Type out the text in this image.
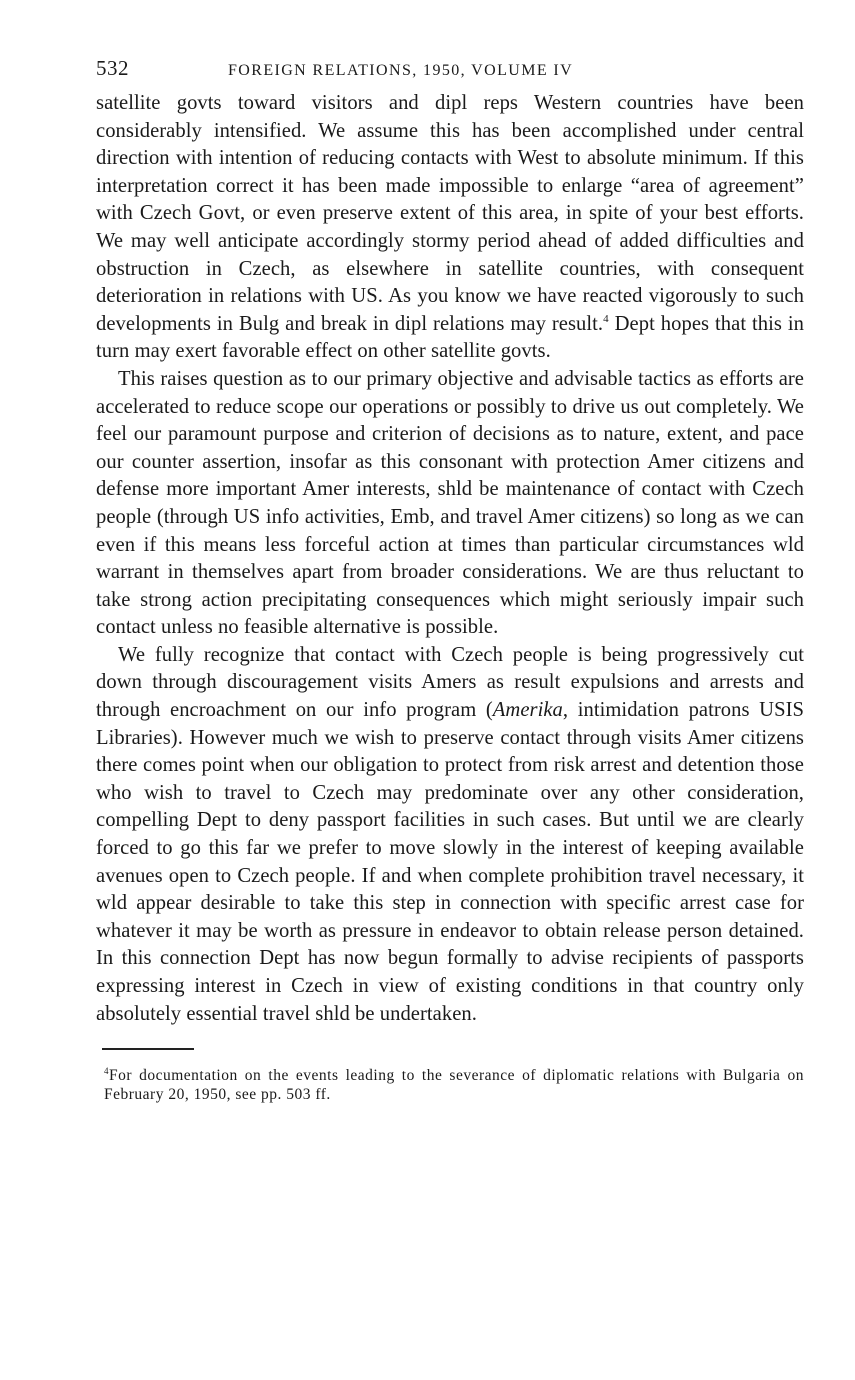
532	FOREIGN RELATIONS, 1950, VOLUME IV

satellite govts toward visitors and dipl reps Western countries have been considerably intensified. We assume this has been accomplished under central direction with intention of reducing contacts with West to absolute minimum. If this interpretation correct it has been made impossible to enlarge “area of agreement” with Czech Govt, or even preserve extent of this area, in spite of your best efforts. We may well anticipate accordingly stormy period ahead of added difficulties and obstruction in Czech, as elsewhere in satellite countries, with consequent deterioration in relations with US. As you know we have reacted vigorously to such developments in Bulg and break in dipl relations may result.$^4$ Dept hopes that this in turn may exert favorable effect on other satellite govts.

This raises question as to our primary objective and advisable tactics as efforts are accelerated to reduce scope our operations or possibly to drive us out completely. We feel our paramount purpose and criterion of decisions as to nature, extent, and pace our counter assertion, insofar as this consonant with protection Amer citizens and defense more important Amer interests, shld be maintenance of contact with Czech people (through US info activities, Emb, and travel Amer citizens) so long as we can even if this means less forceful action at times than particular circumstances wld warrant in themselves apart from broader considerations. We are thus reluctant to take strong action precipitating consequences which might seriously impair such contact unless no feasible alternative is possible.

We fully recognize that contact with Czech people is being progressively cut down through discouragement visits Amers as result expulsions and arrests and through encroachment on our info program (Amerika, intimidation patrons USIS Libraries). However much we wish to preserve contact through visits Amer citizens there comes point when our obligation to protect from risk arrest and detention those who wish to travel to Czech may predominate over any other consideration, compelling Dept to deny passport facilities in such cases. But until we are clearly forced to go this far we prefer to move slowly in the interest of keeping available avenues open to Czech people. If and when complete prohibition travel necessary, it wld appear desirable to take this step in connection with specific arrest case for whatever it may be worth as pressure in endeavor to obtain release person detained. In this connection Dept has now begun formally to advise recipients of passports expressing interest in Czech in view of existing conditions in that country only absolutely essential travel shld be undertaken.

$^4$For documentation on the events leading to the severance of diplomatic relations with Bulgaria on February 20, 1950, see pp. 503 ff.
